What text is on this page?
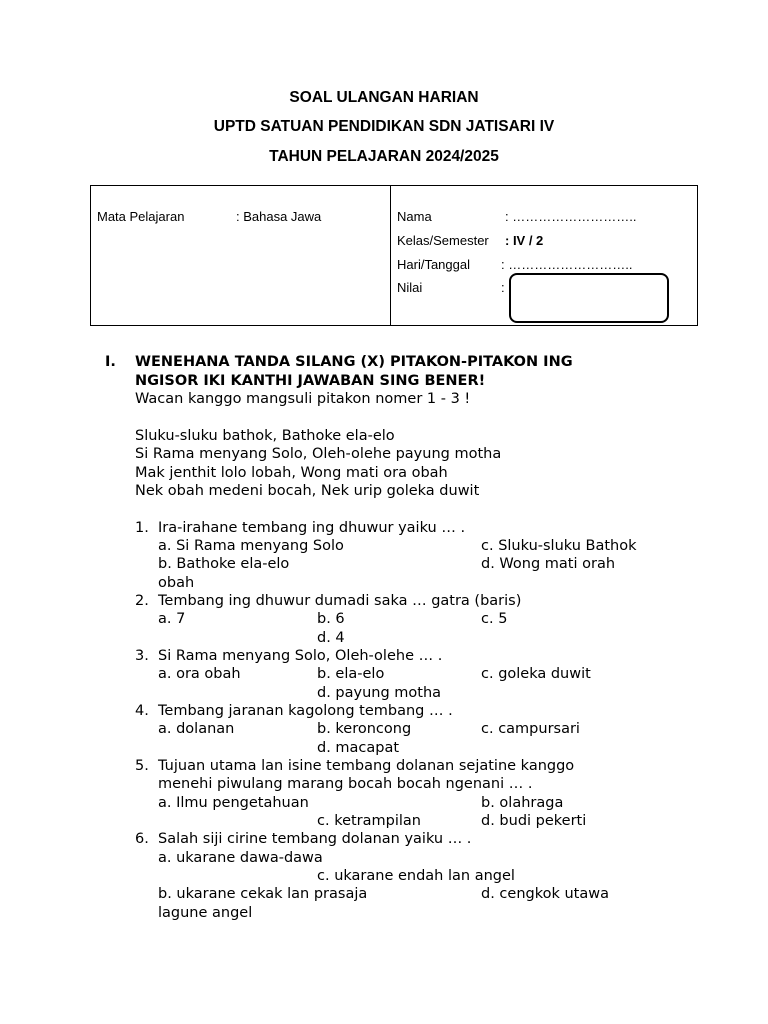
SOAL ULANGAN HARIAN
UPTD SATUAN PENDIDIKAN SDN JATISARI IV
TAHUN PELAJARAN 2024/2025
Mata Pelajaran	: Bahasa Jawa	Nama	: ………………………..
Kelas/Semester : IV / 2
Hari/Tanggal : ………………………..
Nilai	:
I. WENEHANA TANDA SILANG (X) PITAKON-PITAKON ING
NGISOR IKI KANTHI JAWABAN SING BENER!
Wacan kanggo mangsuli pitakon nomer 1 - 3 !
Sluku-sluku bathok, Bathoke ela-elo
Si Rama menyang Solo, Oleh-olehe payung motha
Mak jenthit lolo lobah, Wong mati ora obah
Nek obah medeni bocah, Nek urip goleka duwit
1. Ira-irahane tembang ing dhuwur yaiku … .
a. Si Rama menyang Solo	c. Sluku-sluku Bathok
b. Bathoke ela-elo	d. Wong mati orah
obah
2. Tembang ing dhuwur dumadi saka … gatra (baris)
a. 7	b. 6	c. 5
d. 4
3. Si Rama menyang Solo, Oleh-olehe … .
a. ora obah	b. ela-elo	c. goleka duwit
d. payung motha
4. Tembang jaranan kagolong tembang … .
a. dolanan	b. keroncong	c. campursari
d. macapat
5. Tujuan utama lan isine tembang dolanan sejatine kanggo
menehi piwulang marang bocah bocah ngenani … .
a. Ilmu pengetahuan	b. olahraga
c. ketrampilan	d. budi pekerti
6. Salah siji cirine tembang dolanan yaiku … .
a. ukarane dawa-dawa
c. ukarane endah lan angel
b. ukarane cekak lan prasaja	d. cengkok utawa
lagune angel
